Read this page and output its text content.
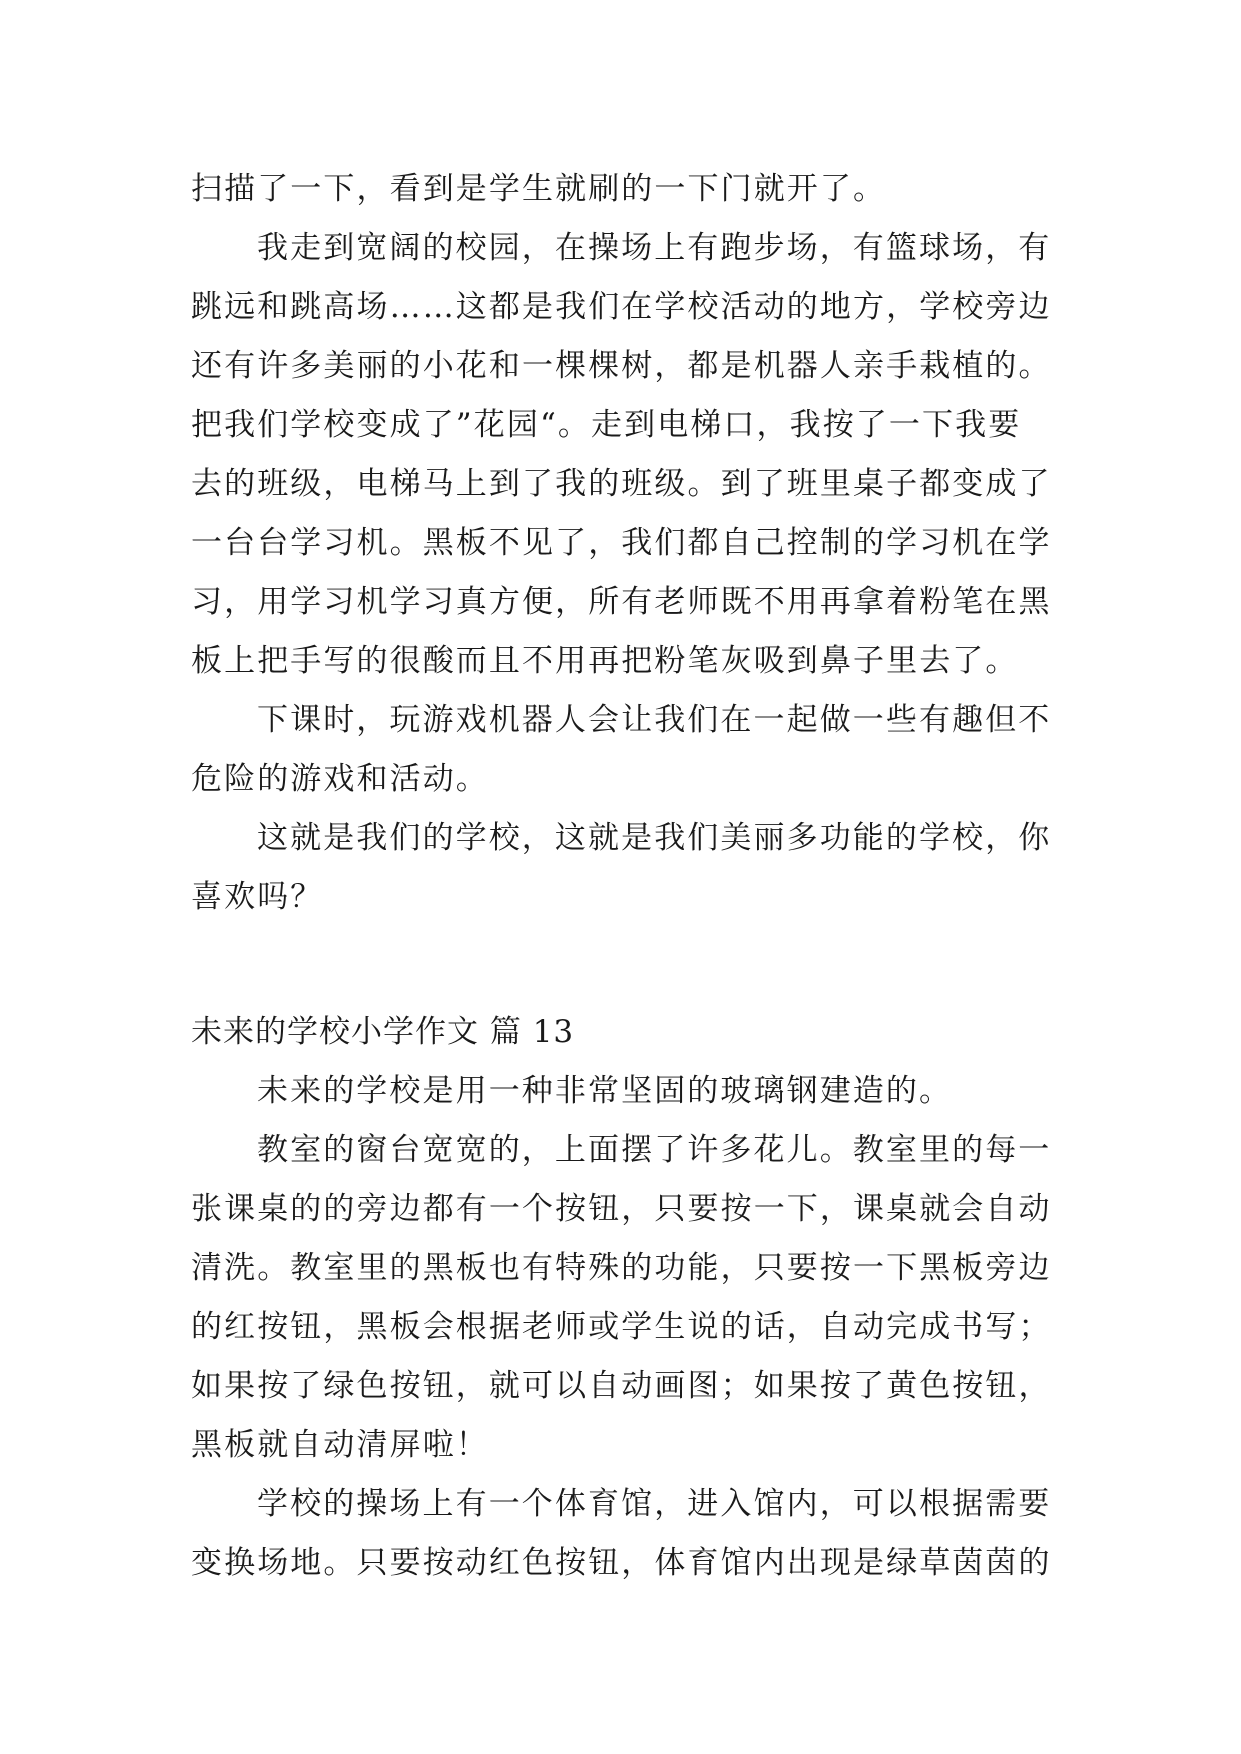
扫描了一下，看到是学生就刷的一下门就开了。
我走到宽阔的校园，在操场上有跑步场，有篮球场，有
跳远和跳高场……这都是我们在学校活动的地方，学校旁边
还有许多美丽的小花和一棵棵树，都是机器人亲手栽植的。
把我们学校变成了”花园“。走到电梯口，我按了一下我要
去的班级，电梯马上到了我的班级。到了班里桌子都变成了
一台台学习机。黑板不见了，我们都自己控制的学习机在学
习，用学习机学习真方便，所有老师既不用再拿着粉笔在黑
板上把手写的很酸而且不用再把粉笔灰吸到鼻子里去了。
下课时，玩游戏机器人会让我们在一起做一些有趣但不
危险的游戏和活动。
这就是我们的学校，这就是我们美丽多功能的学校，你
喜欢吗？
未来的学校小学作文 篇 13
未来的学校是用一种非常坚固的玻璃钢建造的。
教室的窗台宽宽的，上面摆了许多花儿。教室里的每一
张课桌的的旁边都有一个按钮，只要按一下，课桌就会自动
清洗。教室里的黑板也有特殊的功能，只要按一下黑板旁边
的红按钮，黑板会根据老师或学生说的话，自动完成书写；
如果按了绿色按钮，就可以自动画图；如果按了黄色按钮，
黑板就自动清屏啦！
学校的操场上有一个体育馆，进入馆内，可以根据需要
变换场地。只要按动红色按钮，体育馆内出现是绿草茵茵的
